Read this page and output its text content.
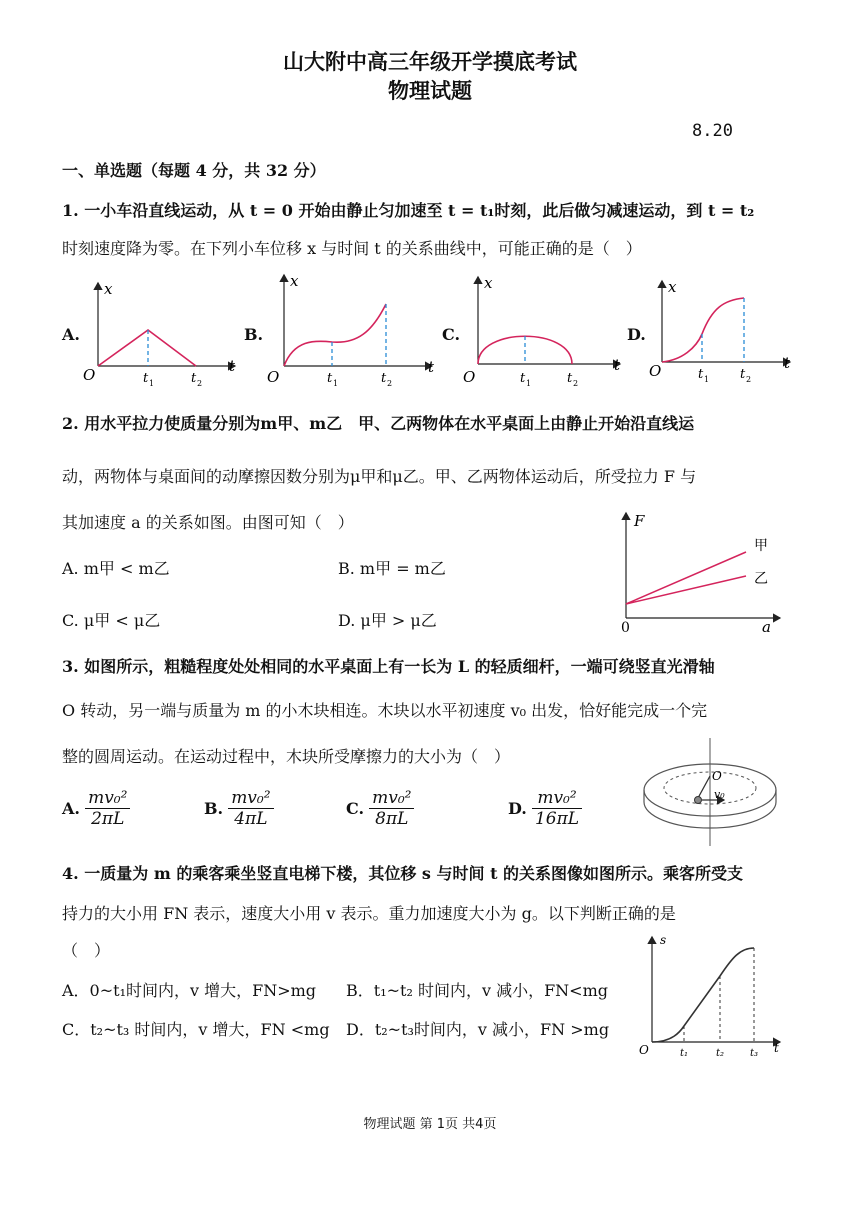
山大附中高三年级开学摸底考试
物理试题
8.20
一、单选题（每题 4 分，共 32 分）
1. 一小车沿直线运动，从 t = 0 开始由静止匀加速至 t = t₁时刻，此后做匀减速运动，到 t = t₂
时刻速度降为零。在下列小车位移 x 与时间 t 的关系曲线中，可能正确的是（　）
A.	B.	C.	D.
O
x
t
t 1	t 2	O
x
t
t 1	t 2	O
x
t
t 1	t 2
O
x
t
t 1 t 2
2. 用水平拉力使质量分别为m甲、m乙　甲、乙两物体在水平桌面上由静止开始沿直线运
动，两物体与桌面间的动摩擦因数分别为μ甲和μ乙。甲、乙两物体运动后，所受拉力 F 与
其加速度 a 的关系如图。由图可知（　）
A. m甲 < m乙	B. m甲 = m乙
C. μ甲 < μ乙	D. μ甲 > μ乙
F
a
0
甲
乙
3. 如图所示，粗糙程度处处相同的水平桌面上有一长为 L 的轻质细杆，一端可绕竖直光滑轴
O 转动，另一端与质量为 m 的小木块相连。木块以水平初速度 v₀ 出发，恰好能完成一个完
整的圆周运动。在运动过程中，木块所受摩擦力的大小为（　）
A. $\frac{\text{mv₀²}}{2\pi L}$	B. $\frac{\text{mv₀²}}{4\pi L}$	C. $\frac{\text{mv₀²}}{8\pi L}$	D. $\frac{\text{mv₀²}}{16\pi L}$
O
v₀
4. 一质量为 m 的乘客乘坐竖直电梯下楼，其位移 s 与时间 t 的关系图像如图所示。乘客所受支
持力的大小用 FN 表示，速度大小用 v 表示。重力加速度大小为 g。以下判断正确的是
（　）
A．0~t₁时间内，v 增大，FN>mg B．t₁~t₂ 时间内，v 减小，FN<mg
C．t₂~t₃ 时间内，v 增大，FN <mg D．t₂~t₃时间内，v 减小，FN >mg
s
t
O	t₁	t₂	t₃
物理试题 第 1页 共4页
